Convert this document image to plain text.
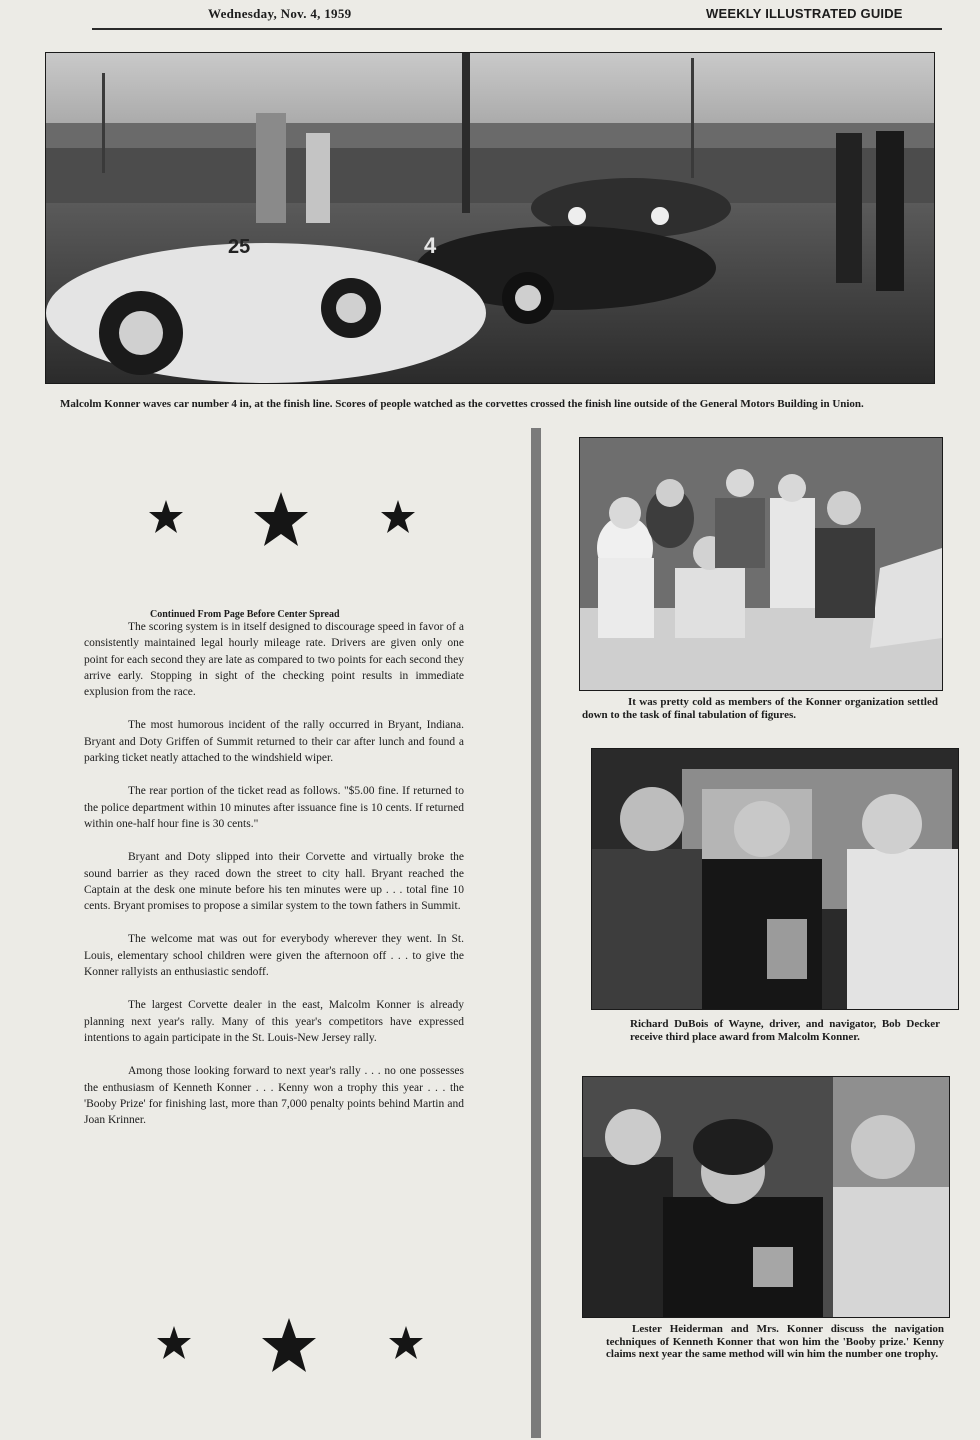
Wednesday, Nov. 4, 1959	WEEKLY ILLUSTRATED GUIDE
4
25
Malcolm Konner waves car number 4 in, at the finish line. Scores of people watched as the corvettes crossed the finish line outside of the General Motors Building in Union.
Continued From Page Before Center Spread

The scoring system is in itself designed to discourage speed in favor of a consistently maintained legal hourly mileage rate. Drivers are given only one point for each second they are late as compared to two points for each second they arrive early. Stopping in sight of the checking point results in immediate explusion from the race.

The most humorous incident of the rally occurred in Bryant, Indiana. Bryant and Doty Griffen of Summit returned to their car after lunch and found a parking ticket neatly attached to the windshield wiper.

The rear portion of the ticket read as follows. "$5.00 fine. If returned to the police department within 10 minutes after issuance fine is 10 cents. If returned within one-half hour fine is 30 cents."

Bryant and Doty slipped into their Corvette and virtually broke the sound barrier as they raced down the street to city hall. Bryant reached the Captain at the desk one minute before his ten minutes were up . . . total fine 10 cents. Bryant promises to propose a similar system to the town fathers in Summit.

The welcome mat was out for everybody wherever they went. In St. Louis, elementary school children were given the afternoon off . . . to give the Konner rallyists an enthusiastic sendoff.

The largest Corvette dealer in the east, Malcolm Konner is already planning next year's rally. Many of this year's competitors have expressed intentions to again participate in the St. Louis-New Jersey rally.

Among those looking forward to next year's rally . . . no one possesses the enthusiasm of Kenneth Konner . . . Kenny won a trophy this year . . . the 'Booby Prize' for finishing last, more than 7,000 penalty points behind Martin and Joan Krinner.

It was pretty cold as members of the Konner organization settled down to the task of final tabulation of figures.
Richard DuBois of Wayne, driver, and navigator, Bob Decker receive third place award from Malcolm Konner.
Lester Heiderman and Mrs. Konner discuss the navigation techniques of Kenneth Konner that won him the 'Booby prize.' Kenny claims next year the same method will win him the number one trophy.
